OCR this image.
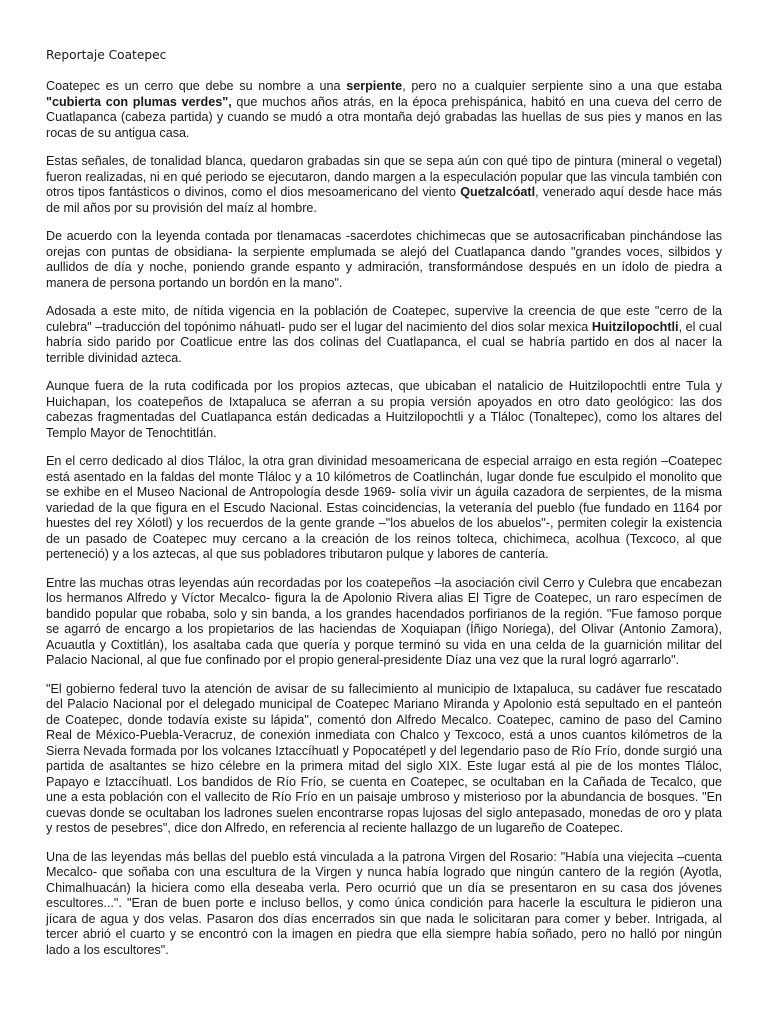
Reportaje Coatepec

Coatepec es un cerro que debe su nombre a una serpiente, pero no a cualquier serpiente sino a una que estaba "cubierta con plumas verdes", que muchos años atrás, en la época prehispánica, habitó en una cueva del cerro de Cuatlapanca (cabeza partida) y cuando se mudó a otra montaña dejó grabadas las huellas de sus pies y manos en las rocas de su antigua casa.

Estas señales, de tonalidad blanca, quedaron grabadas sin que se sepa aún con qué tipo de pintura (mineral o vegetal) fueron realizadas, ni en qué periodo se ejecutaron, dando margen a la especulación popular que las vincula también con otros tipos fantásticos o divinos, como el dios mesoamericano del viento Quetzalcóatl, venerado aquí desde hace más de mil años por su provisión del maíz al hombre.

De acuerdo con la leyenda contada por tlenamacas -sacerdotes chichimecas que se autosacrificaban pinchándose las orejas con puntas de obsidiana- la serpiente emplumada se alejó del Cuatlapanca dando "grandes voces, silbidos y aullidos de día y noche, poniendo grande espanto y admiración, transformándose después en un ídolo de piedra a manera de persona portando un bordón en la mano".

Adosada a este mito, de nítida vigencia en la población de Coatepec, supervive la creencia de que este "cerro de la culebra" –traducción del topónimo náhuatl- pudo ser el lugar del nacimiento del dios solar mexica Huitzilopochtli, el cual habría sido parido por Coatlicue entre las dos colinas del Cuatlapanca, el cual se habría partido en dos al nacer la terrible divinidad azteca.

Aunque fuera de la ruta codificada por los propios aztecas, que ubicaban el natalicio de Huitzilopochtli entre Tula y Huichapan, los coatepeños de Ixtapaluca se aferran a su propia versión apoyados en otro dato geológico: las dos cabezas fragmentadas del Cuatlapanca están dedicadas a Huitzilopochtli y a Tláloc (Tonaltepec), como los altares del Templo Mayor de Tenochtitlán.

En el cerro dedicado al dios Tláloc, la otra gran divinidad mesoamericana de especial arraigo en esta región –Coatepec está asentado en la faldas del monte Tláloc y a 10 kilómetros de Coatlinchán, lugar donde fue esculpido el monolito que se exhibe en el Museo Nacional de Antropología desde 1969- solía vivir un águila cazadora de serpientes, de la misma variedad de la que figura en el Escudo Nacional. Estas coincidencias, la veteranía del pueblo (fue fundado en 1164 por huestes del rey Xólotl) y los recuerdos de la gente grande –"los abuelos de los abuelos"-, permiten colegir la existencia de un pasado de Coatepec muy cercano a la creación de los reinos tolteca, chichimeca, acolhua (Texcoco, al que perteneció) y a los aztecas, al que sus pobladores tributaron pulque y labores de cantería.

Entre las muchas otras leyendas aún recordadas por los coatepeños –la asociación civil Cerro y Culebra que encabezan los hermanos Alfredo y Víctor Mecalco- figura la de Apolonio Rivera alias El Tigre de Coatepec, un raro especímen de bandido popular que robaba, solo y sin banda, a los grandes hacendados porfirianos de la región. "Fue famoso porque se agarró de encargo a los propietarios de las haciendas de Xoquiapan (Íñigo Noriega), del Olivar (Antonio Zamora), Acuautla y Coxtitlán), los asaltaba cada que quería y porque terminó su vida en una celda de la guarnición militar del Palacio Nacional, al que fue confinado por el propio general-presidente Díaz una vez que la rural logró agarrarlo".

"El gobierno federal tuvo la atención de avisar de su fallecimiento al municipio de Ixtapaluca, su cadáver fue rescatado del Palacio Nacional por el delegado municipal de Coatepec Mariano Miranda y Apolonio está sepultado en el panteón de Coatepec, donde todavía existe su lápida", comentó don Alfredo Mecalco. Coatepec, camino de paso del Camino Real de México-Puebla-Veracruz, de conexión inmediata con Chalco y Texcoco, está a unos cuantos kilómetros de la Sierra Nevada formada por los volcanes Iztaccíhuatl y Popocatépetl y del legendario paso de Río Frío, donde surgió una partida de asaltantes se hizo célebre en la primera mitad del siglo XIX. Este lugar está al pie de los montes Tláloc, Papayo e Iztaccíhuatl. Los bandidos de Río Frío, se cuenta en Coatepec, se ocultaban en la Cañada de Tecalco, que une a esta población con el vallecito de Río Frío en un paisaje umbroso y misterioso por la abundancia de bosques. "En cuevas donde se ocultaban los ladrones suelen encontrarse ropas lujosas del siglo antepasado, monedas de oro y plata y restos de pesebres", dice don Alfredo, en referencia al reciente hallazgo de un lugareño de Coatepec.

Una de las leyendas más bellas del pueblo está vinculada a la patrona Virgen del Rosario: "Había una viejecita –cuenta Mecalco- que soñaba con una escultura de la Virgen y nunca había logrado que ningún cantero de la región (Ayotla, Chimalhuacán) la hiciera como ella deseaba verla. Pero ocurrió que un día se presentaron en su casa dos jóvenes escultores...". "Eran de buen porte e incluso bellos, y como única condición para hacerle la escultura le pidieron una jícara de agua y dos velas. Pasaron dos días encerrados sin que nada le solicitaran para comer y beber. Intrigada, al tercer abrió el cuarto y se encontró con la imagen en piedra que ella siempre había soñado, pero no halló por ningún lado a los escultores".
